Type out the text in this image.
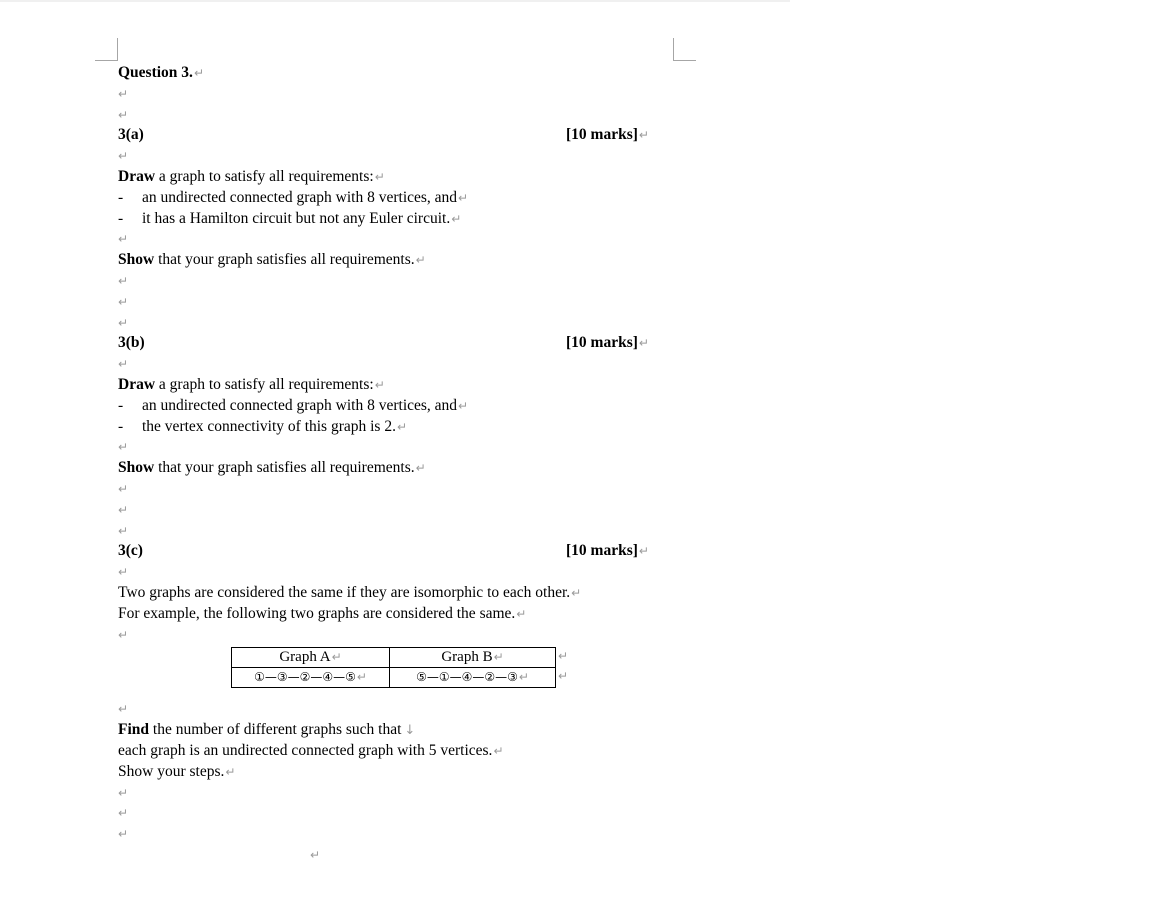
Question 3.↵
↵
↵
3(a)	[10 marks]↵
↵
Draw a graph to satisfy all requirements:↵
- an undirected connected graph with 8 vertices, and↵
- it has a Hamilton circuit but not any Euler circuit.↵
↵
Show that your graph satisfies all requirements.↵
↵
↵
↵
3(b)	[10 marks]↵
↵
Draw a graph to satisfy all requirements:↵
- an undirected connected graph with 8 vertices, and↵
- the vertex connectivity of this graph is 2.↵
↵
Show that your graph satisfies all requirements.↵
↵
↵
↵
3(c)	[10 marks]↵
↵
Two graphs are considered the same if they are isomorphic to each other.↵
For example, the following two graphs are considered the same.↵
↵
Graph A↵	Graph B↵
①—③—②—④—⑤↵	⑤—①—④—②—③↵
↵
↵
↵
Find the number of different graphs such that ↓
each graph is an undirected connected graph with 5 vertices.↵
Show your steps.↵
↵
↵
↵
↵
